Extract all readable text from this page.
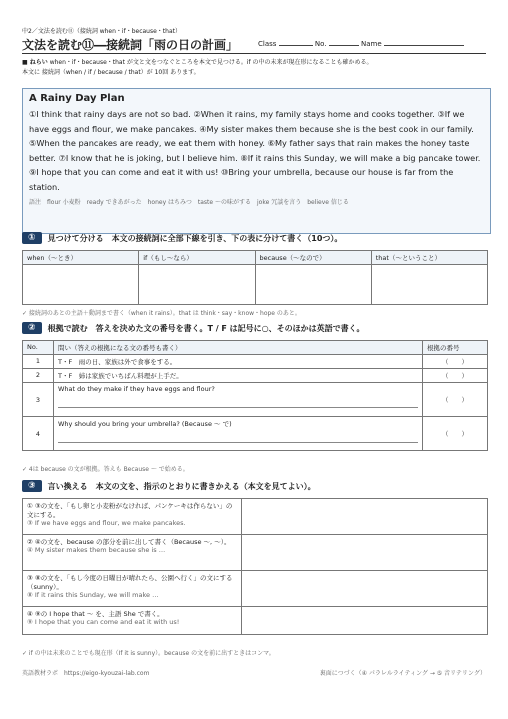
中2／文法を読む⑪（接続詞 when・if・because・that）
文法を読む⑪―接続詞「雨の日の計画」	Class	No.	Name
■ ねらい when・if・because・that が文と文をつなぐところを本文で見つける。if の中の未来が現在形になることも確かめる。
本文に 接続詞（when / if / because / that）が 10回 あります。
A Rainy Day Plan
①I think that rainy days are not so bad. ②When it rains, my family stays home and cooks together. ③If we have eggs and flour, we make pancakes. ④My sister makes them because she is the best cook in our family. ⑤When the pancakes are ready, we eat them with honey. ⑥My father says that rain makes the honey taste better. ⑦I know that he is joking, but I believe him. ⑧If it rains this Sunday, we will make a big pancake tower. ⑨I hope that you can come and eat it with us! ⑩Bring your umbrella, because our house is far from the station.
語注　flour 小麦粉　ready できあがった　honey はちみつ　taste ～の味がする　joke 冗談を言う　believe 信じる
①	見つけて分ける　本文の接続詞に全部下線を引き、下の表に分けて書く（10つ）。
when（～とき）	if（もし～なら）	because（～なので）	that（～ということ）

✓ 接続詞のあとの主語＋動詞まで書く（when it rains）。that は think・say・know・hope のあと。
②	根拠で読む　答えを決めた文の番号を書く。T / F は記号に○、そのほかは英語で書く。
No.	問い（答えの根拠になる文の番号も書く）	根拠の番号
1	T・F　雨の日、家族は外で食事をする。	（　　）
2	T・F　姉は家族でいちばん料理が上手だ。	（　　）
3	What do they make if they have eggs and flour?	（　　）
4	Why should you bring your umbrella? (Because ～ で)	（　　）
✓ 4は because の文が根拠。答えも Because ～ で始める。
③	言い換える　本文の文を、指示のとおりに書きかえる（本文を見てよい）。
① ③の文を、「もし卵と小麦粉がなければ、パンケーキは作らない」の文にする。
③ If we have eggs and flour, we make pancakes.	

② ④の文を、because の部分を前に出して書く（Because ～, ～）。
④ My sister makes them because she is …	

③ ⑧の文を、「もし今度の日曜日が晴れたら、公園へ行く」の文にする（sunny）。
⑧ If it rains this Sunday, we will make …	

④ ⑨の I hope that ～ を、主語 She で書く。
⑨ I hope that you can come and eat it with us!	

✓ if の中は未来のことでも現在形（If it is sunny）。because の文を前に出すときはコンマ。
英語教材ラボ　https://eigo-kyouzai-lab.com	裏面につづく（④ パラレルライティング → ⑤ 音リテリング）
